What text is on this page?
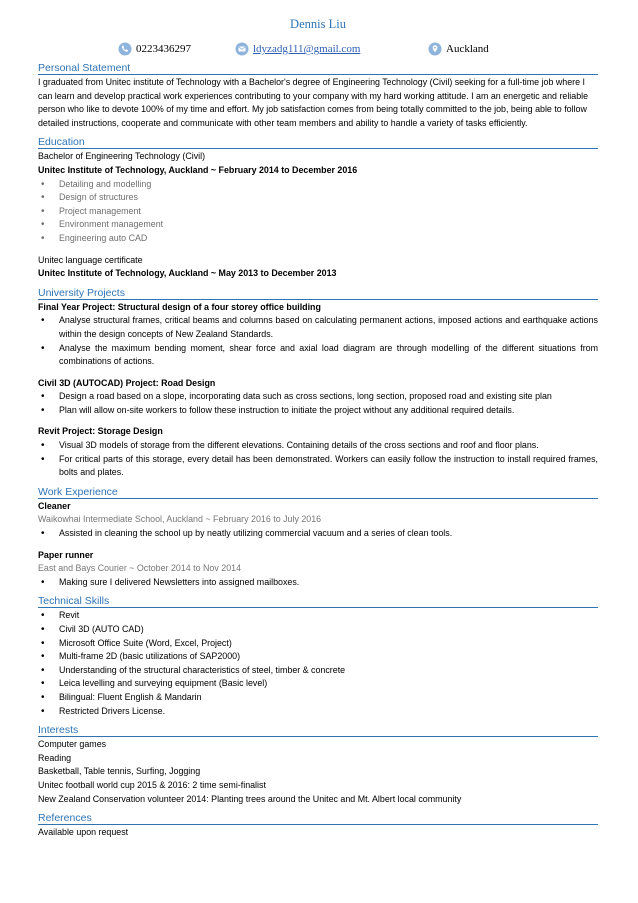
Dennis Liu
0223436297	ldyzadg111@gmail.com	Auckland
Personal Statement

I graduated from Unitec institute of Technology with a Bachelor's degree of Engineering Technology (Civil) seeking for a full-time job where I can learn and develop practical work experiences contributing to your company with my hard working attitude. I am an energetic and reliable person who like to devote 100% of my time and effort. My job satisfaction comes from being totally committed to the job, being able to follow detailed instructions, cooperate and communicate with other team members and ability to handle a variety of tasks efficiently.

Education

Bachelor of Engineering Technology (Civil)

Unitec Institute of Technology, Auckland ~ February 2014 to December 2016

• Detailing and modelling
• Design of structures
• Project management
• Environment management
• Engineering auto CAD

Unitec language certificate

Unitec Institute of Technology, Auckland ~ May 2013 to December 2013

University Projects

Final Year Project: Structural design of a four storey office building

• Analyse structural frames, critical beams and columns based on calculating permanent actions, imposed actions and earthquake actions within the design concepts of New Zealand Standards.
• Analyse the maximum bending moment, shear force and axial load diagram are through modelling of the different situations from combinations of actions.

Civil 3D (AUTOCAD) Project: Road Design

• Design a road based on a slope, incorporating data such as cross sections, long section, proposed road and existing site plan
• Plan will allow on-site workers to follow these instruction to initiate the project without any additional required details.

Revit Project: Storage Design

• Visual 3D models of storage from the different elevations. Containing details of the cross sections and roof and floor plans.
• For critical parts of this storage, every detail has been demonstrated. Workers can easily follow the instruction to install required frames, bolts and plates.
Work Experience

Cleaner

Waikowhai Intermediate School, Auckland ~ February 2016 to July 2016

• Assisted in cleaning the school up by neatly utilizing commercial vacuum and a series of clean tools.

Paper runner

East and Bays Courier ~ October 2014 to Nov 2014

• Making sure I delivered Newsletters into assigned mailboxes.
Technical Skills
• Revit
• Civil 3D (AUTO CAD)
• Microsoft Office Suite (Word, Excel, Project)
• Multi-frame 2D (basic utilizations of SAP2000)
• Understanding of the structural characteristics of steel, timber & concrete
• Leica levelling and surveying equipment (Basic level)
• Bilingual: Fluent English & Mandarin
• Restricted Drivers License.
Interests

Computer games

Reading

Basketball, Table tennis, Surfing, Jogging

Unitec football world cup 2015 & 2016: 2 time semi-finalist

New Zealand Conservation volunteer 2014: Planting trees around the Unitec and Mt. Albert local community

References

Available upon request
